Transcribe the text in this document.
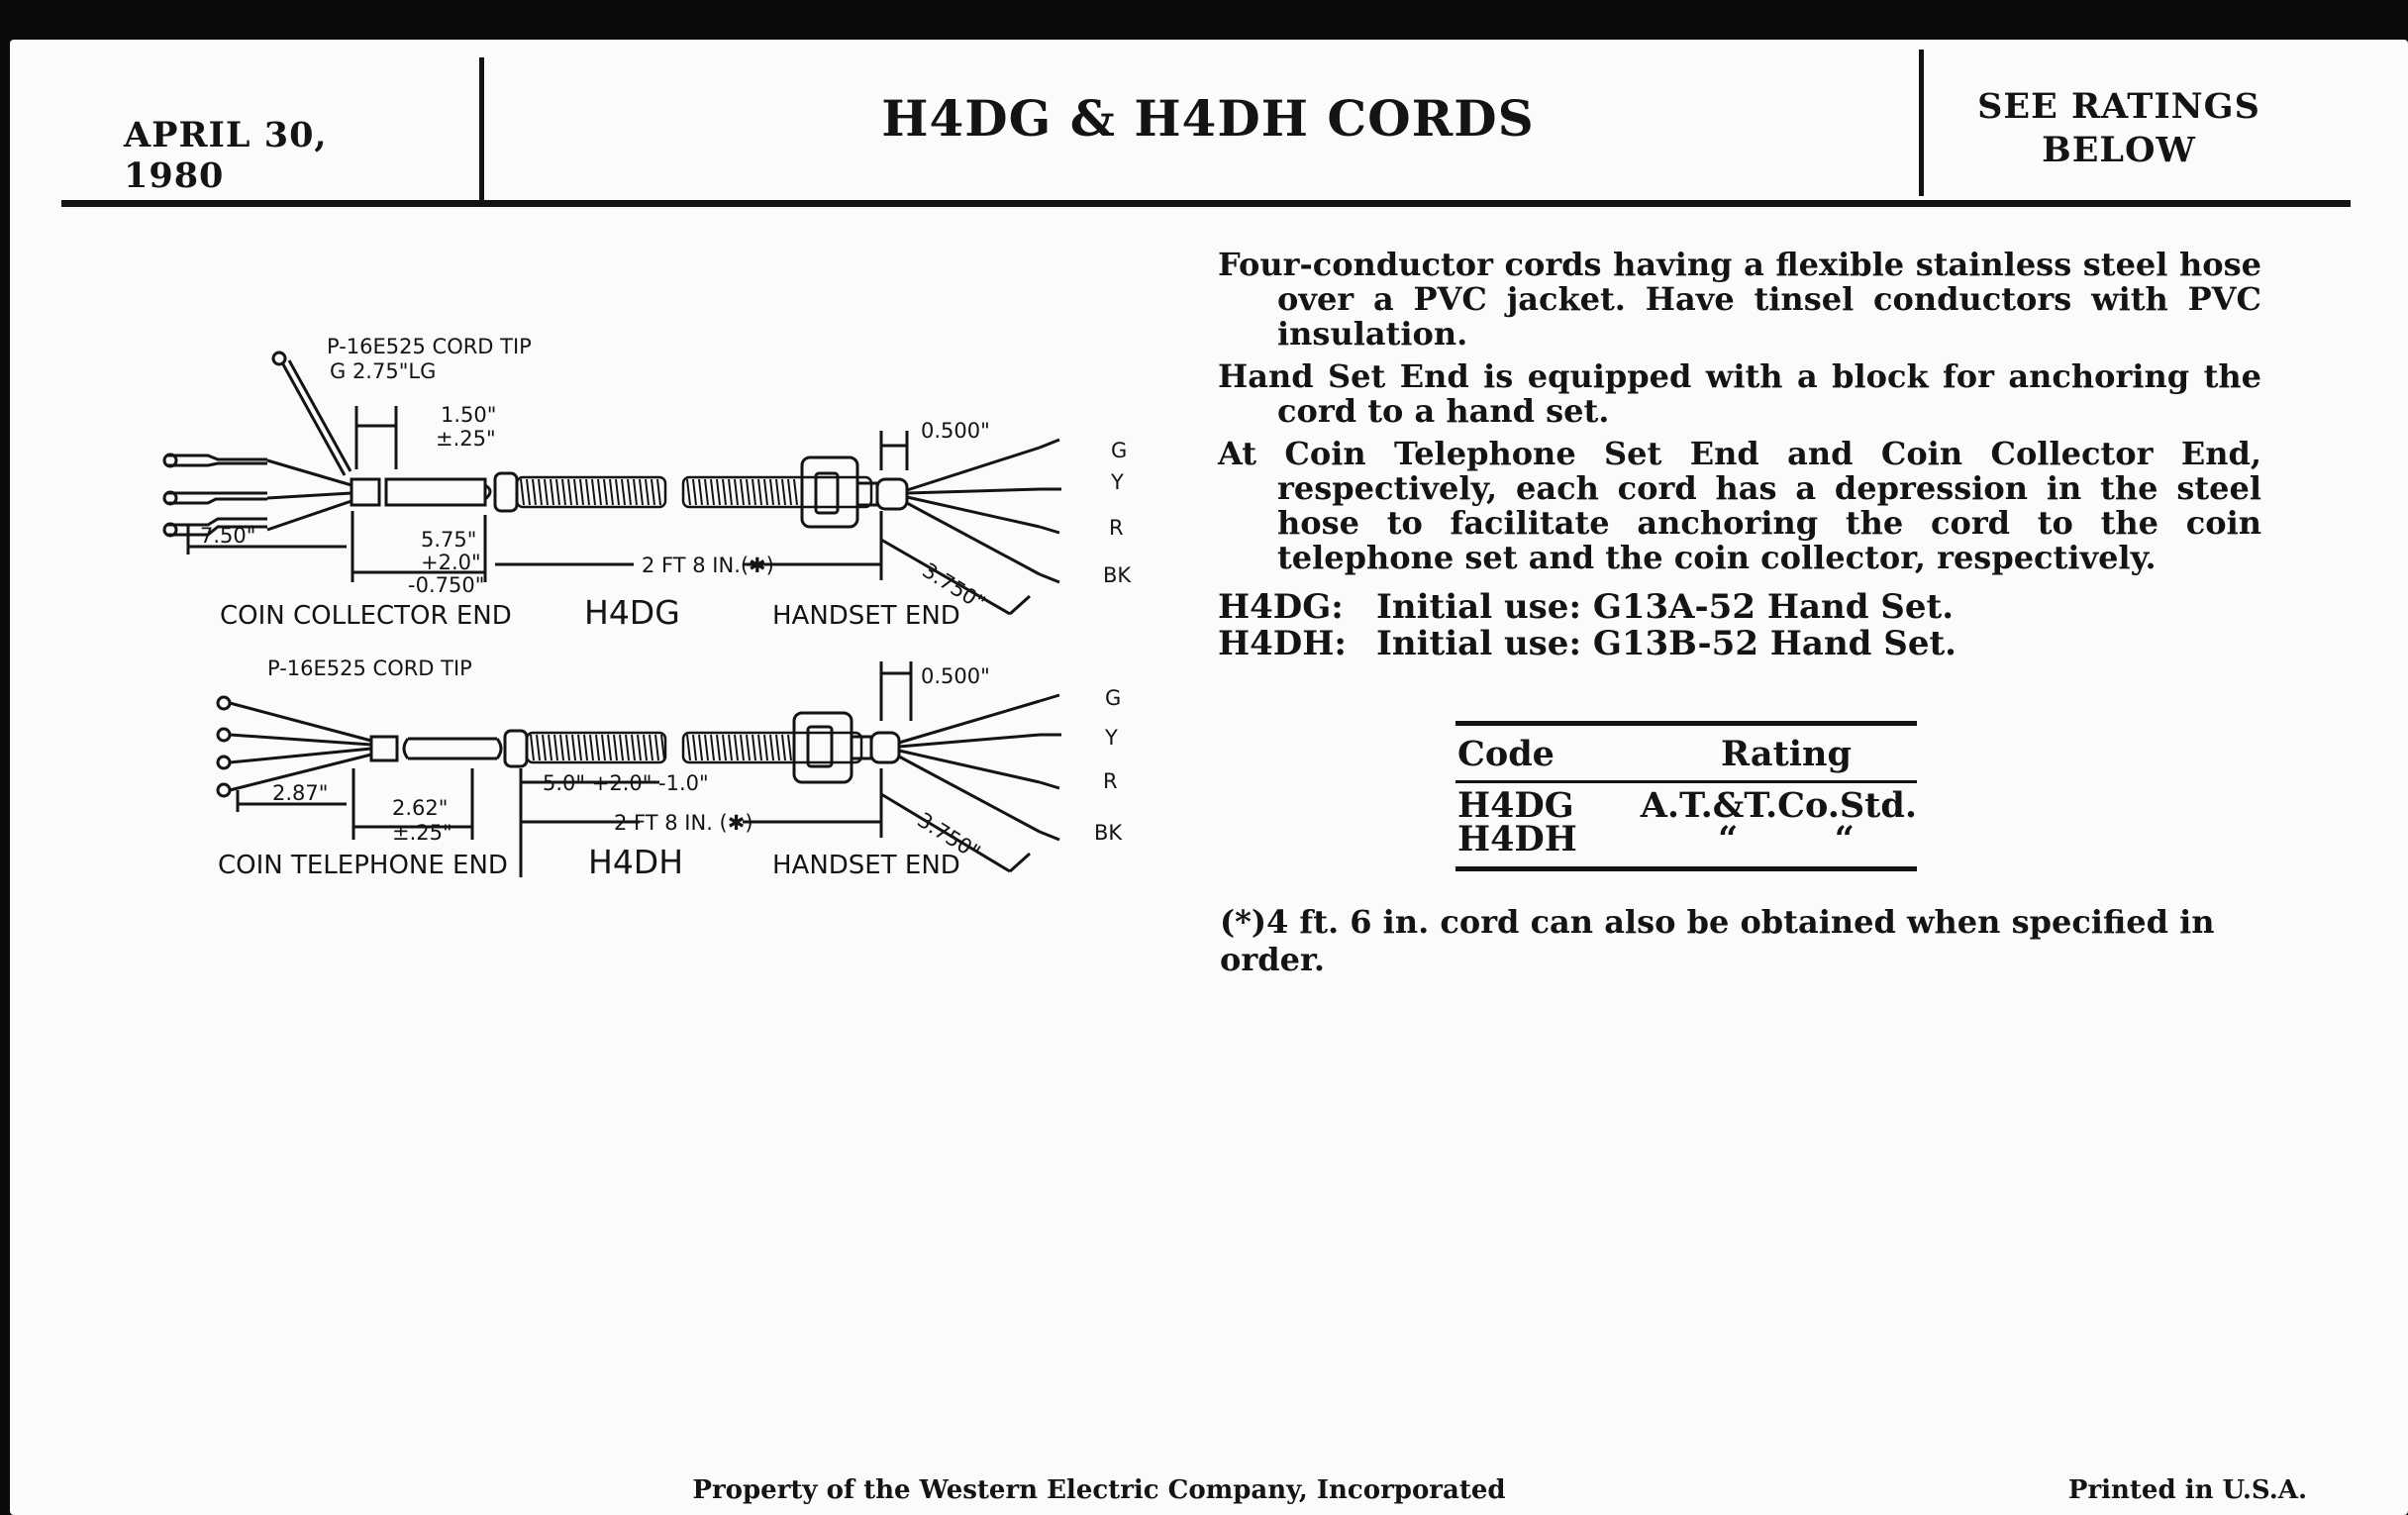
APRIL 30, 1980
H4DG & H4DH CORDS	SEE RATINGS
BELOW
P-16E525 CORD TIP
G 2.75"LG
1.50"
±.25"	0.500"
7.50"	5.75"
+2.0"
-0.750"
2 FT 8 IN.(✱)	3.750"
G
Y
R
BK
COIN COLLECTOR END H4DG	HANDSET END
P-16E525 CORD TIP	0.500"
2.87"	5.0" +2.0" -1.0"
2.62"
±.25"	2 FT 8 IN. (✱)	3.750"
G
Y
R
BK
COIN TELEPHONE END H4DH	HANDSET END

Four-conductor cords having a flexible stainless steel hose over a PVC jacket. Have tinsel conductors with PVC insulation.

Hand Set End is equipped with a block for anchoring the cord to a hand set.

At Coin Telephone Set End and Coin Collector End, respectively, each cord has a depression in the steel hose to facilitate anchoring the cord to the coin telephone set and the coin collector, respectively.

H4DG: Initial use: G13A-52 Hand Set.
H4DH: Initial use: G13B-52 Hand Set.
Code	Rating
H4DG	A.T.&T.Co.Std.
H4DH	“        “
(*)4 ft. 6 in. cord can also be obtained when specified in order.
Property of the Western Electric Company, Incorporated	Printed in U.S.A.
